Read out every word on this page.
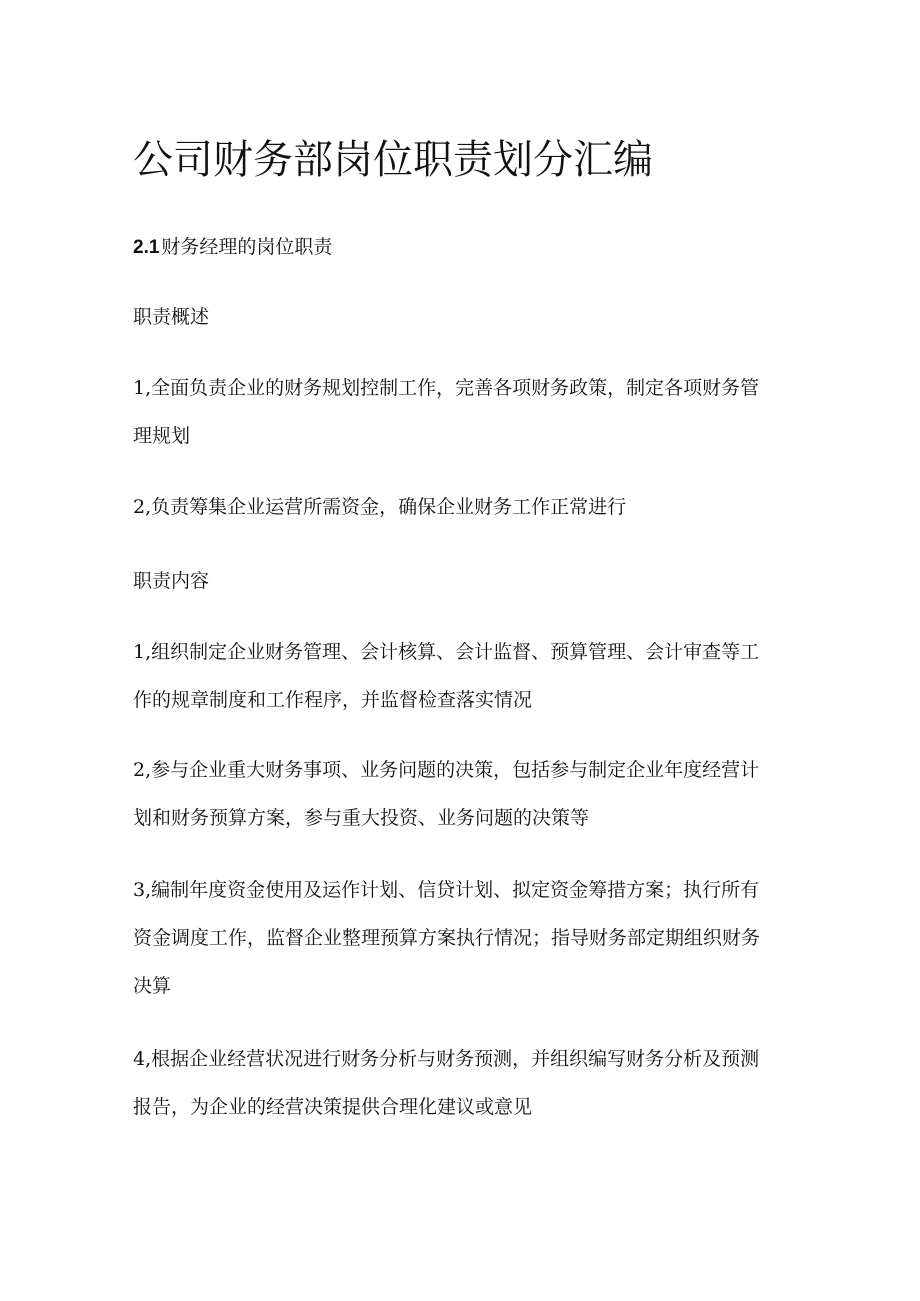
公司财务部岗位职责划分汇编
2.1 财务经理的岗位职责
职责概述

1,全面负责企业的财务规划控制工作，完善各项财务政策，制定各项财务管
理规划

2,负责筹集企业运营所需资金，确保企业财务工作正常进行

职责内容

1,组织制定企业财务管理、会计核算、会计监督、预算管理、会计审查等工
作的规章制度和工作程序，并监督检查落实情况

2,参与企业重大财务事项、业务问题的决策，包括参与制定企业年度经营计
划和财务预算方案，参与重大投资、业务问题的决策等

3,编制年度资金使用及运作计划、信贷计划、拟定资金筹措方案；执行所有
资金调度工作，监督企业整理预算方案执行情况；指导财务部定期组织财务
决算

4,根据企业经营状况进行财务分析与财务预测，并组织编写财务分析及预测
报告，为企业的经营决策提供合理化建议或意见
